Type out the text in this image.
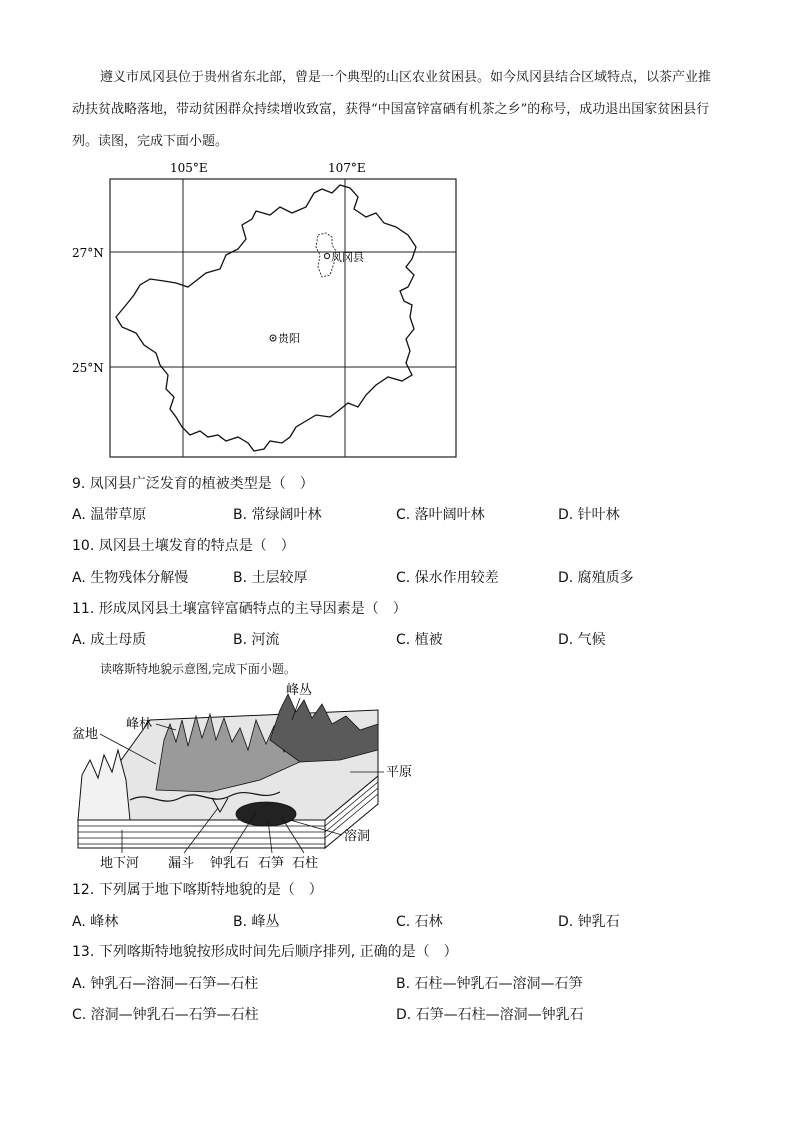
遵义市凤冈县位于贵州省东北部，曾是一个典型的山区农业贫困县。如今凤冈县结合区域特点，以茶产业推动扶贫战略落地，带动贫困群众持续增收致富，获得“中国富锌富硒有机茶之乡”的称号，成功退出国家贫困县行列。读图，完成下面小题。

105°E	107°E
27°N
25°N
凤冈县
贵阳
9. 凤冈县广泛发育的植被类型是（　）
A. 温带草原	B. 常绿阔叶林	C. 落叶阔叶林	D. 针叶林
10. 凤冈县土壤发育的特点是（　）
A. 生物残体分解慢	B. 土层较厚	C. 保水作用较差	D. 腐殖质多
11. 形成凤冈县土壤富锌富硒特点的主导因素是（　）
A. 成土母质	B. 河流	C. 植被	D. 气候
读喀斯特地貌示意图,完成下面小题。
峰丛
峰林
盆地
平原
溶洞
地下河 漏斗 钟乳石 石笋 石柱
12. 下列属于地下喀斯特地貌的是（　）
A. 峰林	B. 峰丛	C. 石林	D. 钟乳石
13. 下列喀斯特地貌按形成时间先后顺序排列, 正确的是（　）
A. 钟乳石—溶洞—石笋—石柱	B. 石柱—钟乳石—溶洞—石笋
C. 溶洞—钟乳石—石笋—石柱	D. 石笋—石柱—溶洞—钟乳石
